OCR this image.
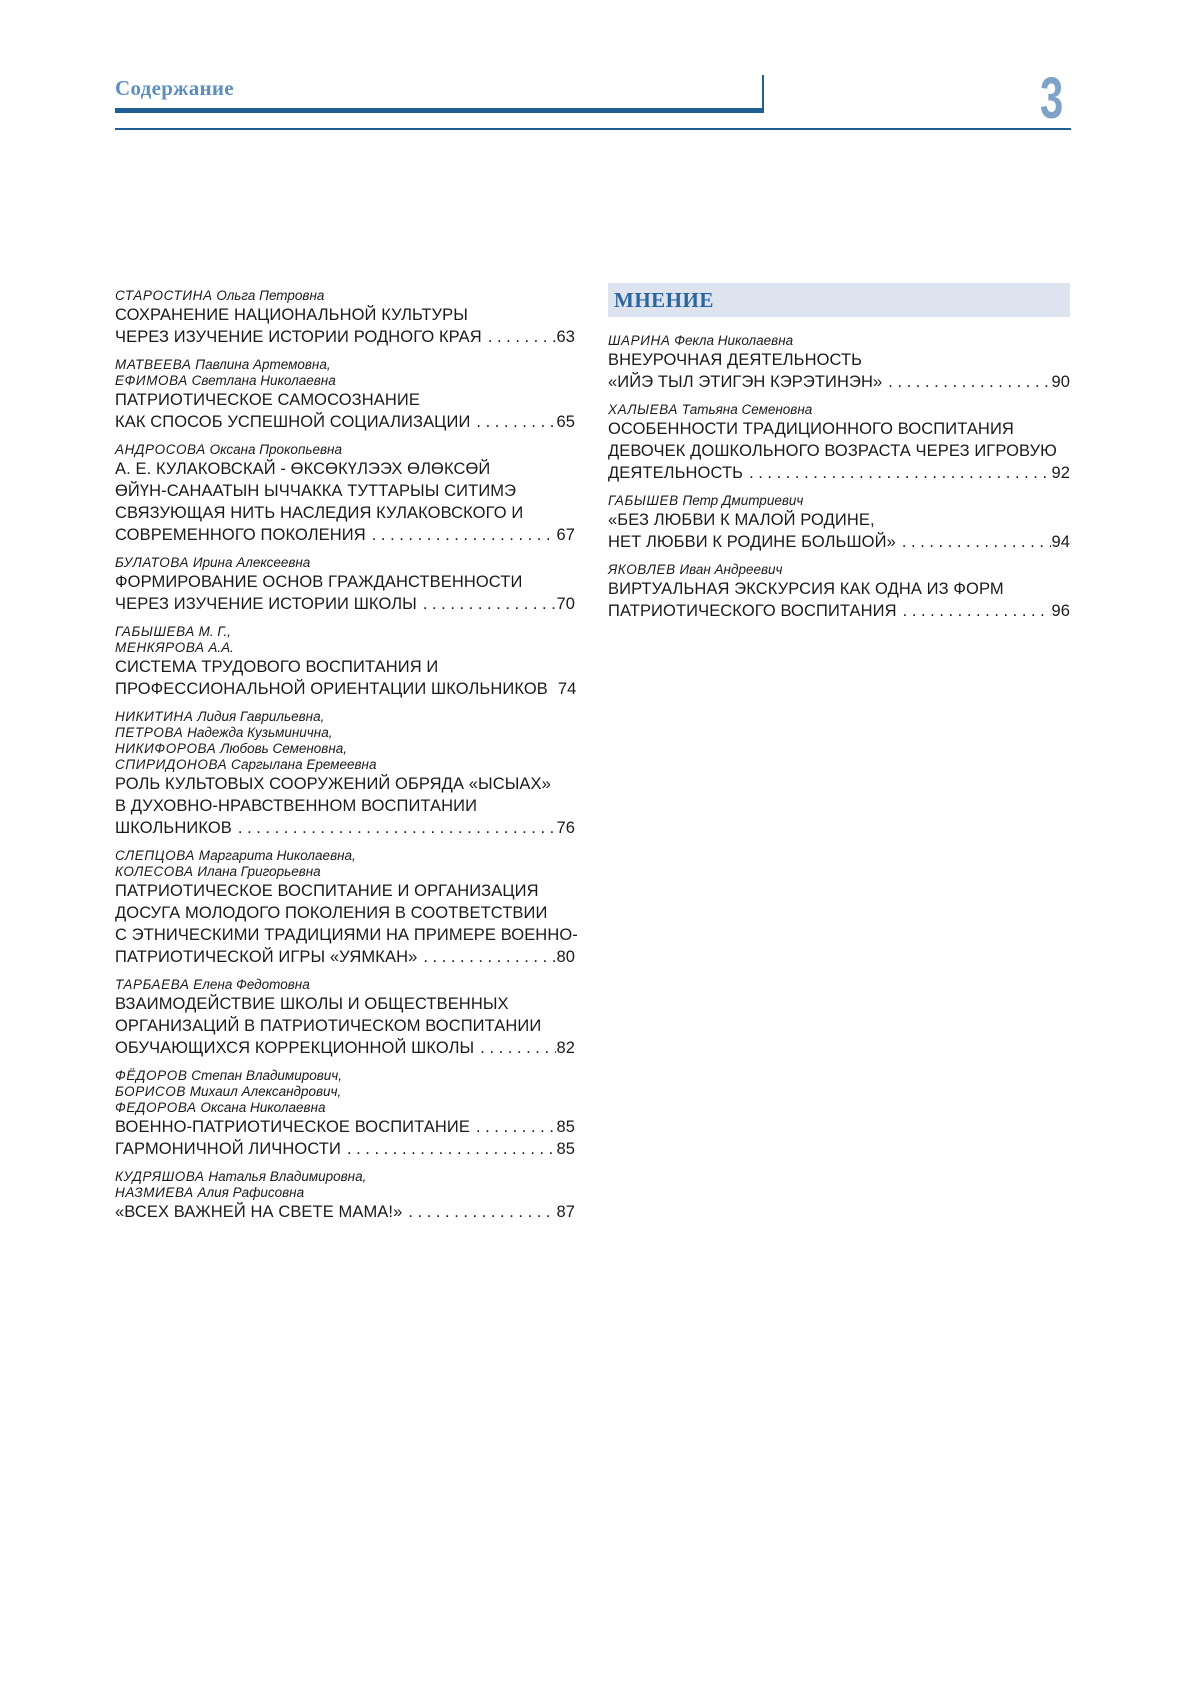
Содержание	3
СТАРОСТИНА Ольга Петровна
СОХРАНЕНИЕ НАЦИОНАЛЬНОЙ КУЛЬТУРЫ
ЧЕРЕЗ ИЗУЧЕНИЕ ИСТОРИИ РОДНОГО КРАЯ . . .	63
МАТВЕЕВА Павлина Артемовна,
ЕФИМОВА Светлана Николаевна
ПАТРИОТИЧЕСКОЕ САМОСОЗНАНИЕ
КАК СПОСОБ УСПЕШНОЙ СОЦИАЛИЗАЦИИ . . .	65
АНДРОСОВА Оксана Прокопьевна
А. Е. КУЛАКОВСКАЙ - ӨКСӨКҮЛЭЭХ ӨЛӨКСӨЙ
ӨЙҮН-САНААТЫН ЫЧЧАККА ТУТТАРЫЫ СИТИМЭ
СВЯЗУЮЩАЯ НИТЬ НАСЛЕДИЯ КУЛАКОВСКОГО И
СОВРЕМЕННОГО ПОКОЛЕНИЯ . . .	67
БУЛАТОВА Ирина Алексеевна
ФОРМИРОВАНИЕ ОСНОВ ГРАЖДАНСТВЕННОСТИ
ЧЕРЕЗ ИЗУЧЕНИЕ ИСТОРИИ ШКОЛЫ . . .	70
ГАБЫШЕВА М. Г.,
МЕНКЯРОВА А.А.
СИСТЕМА ТРУДОВОГО ВОСПИТАНИЯ И
ПРОФЕССИОНАЛЬНОЙ ОРИЕНТАЦИИ ШКОЛЬНИКОВ 74
НИКИТИНА Лидия Гаврильевна,
ПЕТРОВА Надежда Кузьминична,
НИКИФОРОВА Любовь Семеновна,
СПИРИДОНОВА Саргылана Еремеевна
РОЛЬ КУЛЬТОВЫХ СООРУЖЕНИЙ ОБРЯДА «ЫСЫАХ»
В ДУХОВНО-НРАВСТВЕННОМ ВОСПИТАНИИ
ШКОЛЬНИКОВ . . .	76
СЛЕПЦОВА Маргарита Николаевна,
КОЛЕСОВА Илана Григорьевна
ПАТРИОТИЧЕСКОЕ ВОСПИТАНИЕ И ОРГАНИЗАЦИЯ
ДОСУГА МОЛОДОГО ПОКОЛЕНИЯ В СООТВЕТСТВИИ
С ЭТНИЧЕСКИМИ ТРАДИЦИЯМИ НА ПРИМЕРЕ ВОЕННО-
ПАТРИОТИЧЕСКОЙ ИГРЫ «УЯМКАН» . . .	80
ТАРБАЕВА Елена Федотовна
ВЗАИМОДЕЙСТВИЕ ШКОЛЫ И ОБЩЕСТВЕННЫХ
ОРГАНИЗАЦИЙ В ПАТРИОТИЧЕСКОМ ВОСПИТАНИИ
ОБУЧАЮЩИХСЯ КОРРЕКЦИОННОЙ ШКОЛЫ . . .	82
ФЁДОРОВ Степан Владимирович,
БОРИСОВ Михаил Александрович,
ФЕДОРОВА Оксана Николаевна
ВОЕННО-ПАТРИОТИЧЕСКОЕ ВОСПИТАНИЕ . . .	85
ГАРМОНИЧНОЙ ЛИЧНОСТИ . . .	85
КУДРЯШОВА Наталья Владимировна,
НАЗМИЕВА Алия Рафисовна
«ВСЕХ ВАЖНЕЙ НА СВЕТЕ МАМА!» . . .	87
МНЕНИЕ
ШАРИНА Фекла Николаевна
ВНЕУРОЧНАЯ ДЕЯТЕЛЬНОСТЬ
«ИЙЭ ТЫЛ ЭТИГЭН КЭРЭТИНЭН» . . .	90
ХАЛЫЕВА Татьяна Семеновна
ОСОБЕННОСТИ ТРАДИЦИОННОГО ВОСПИТАНИЯ
ДЕВОЧЕК ДОШКОЛЬНОГО ВОЗРАСТА ЧЕРЕЗ ИГРОВУЮ
ДЕЯТЕЛЬНОСТЬ . . .	92
ГАБЫШЕВ Петр Дмитриевич
«БЕЗ ЛЮБВИ К МАЛОЙ РОДИНЕ,
НЕТ ЛЮБВИ К РОДИНЕ БОЛЬШОЙ» . . .	94
ЯКОВЛЕВ Иван Андреевич
ВИРТУАЛЬНАЯ ЭКСКУРСИЯ КАК ОДНА ИЗ ФОРМ
ПАТРИОТИЧЕСКОГО ВОСПИТАНИЯ . . .	96
